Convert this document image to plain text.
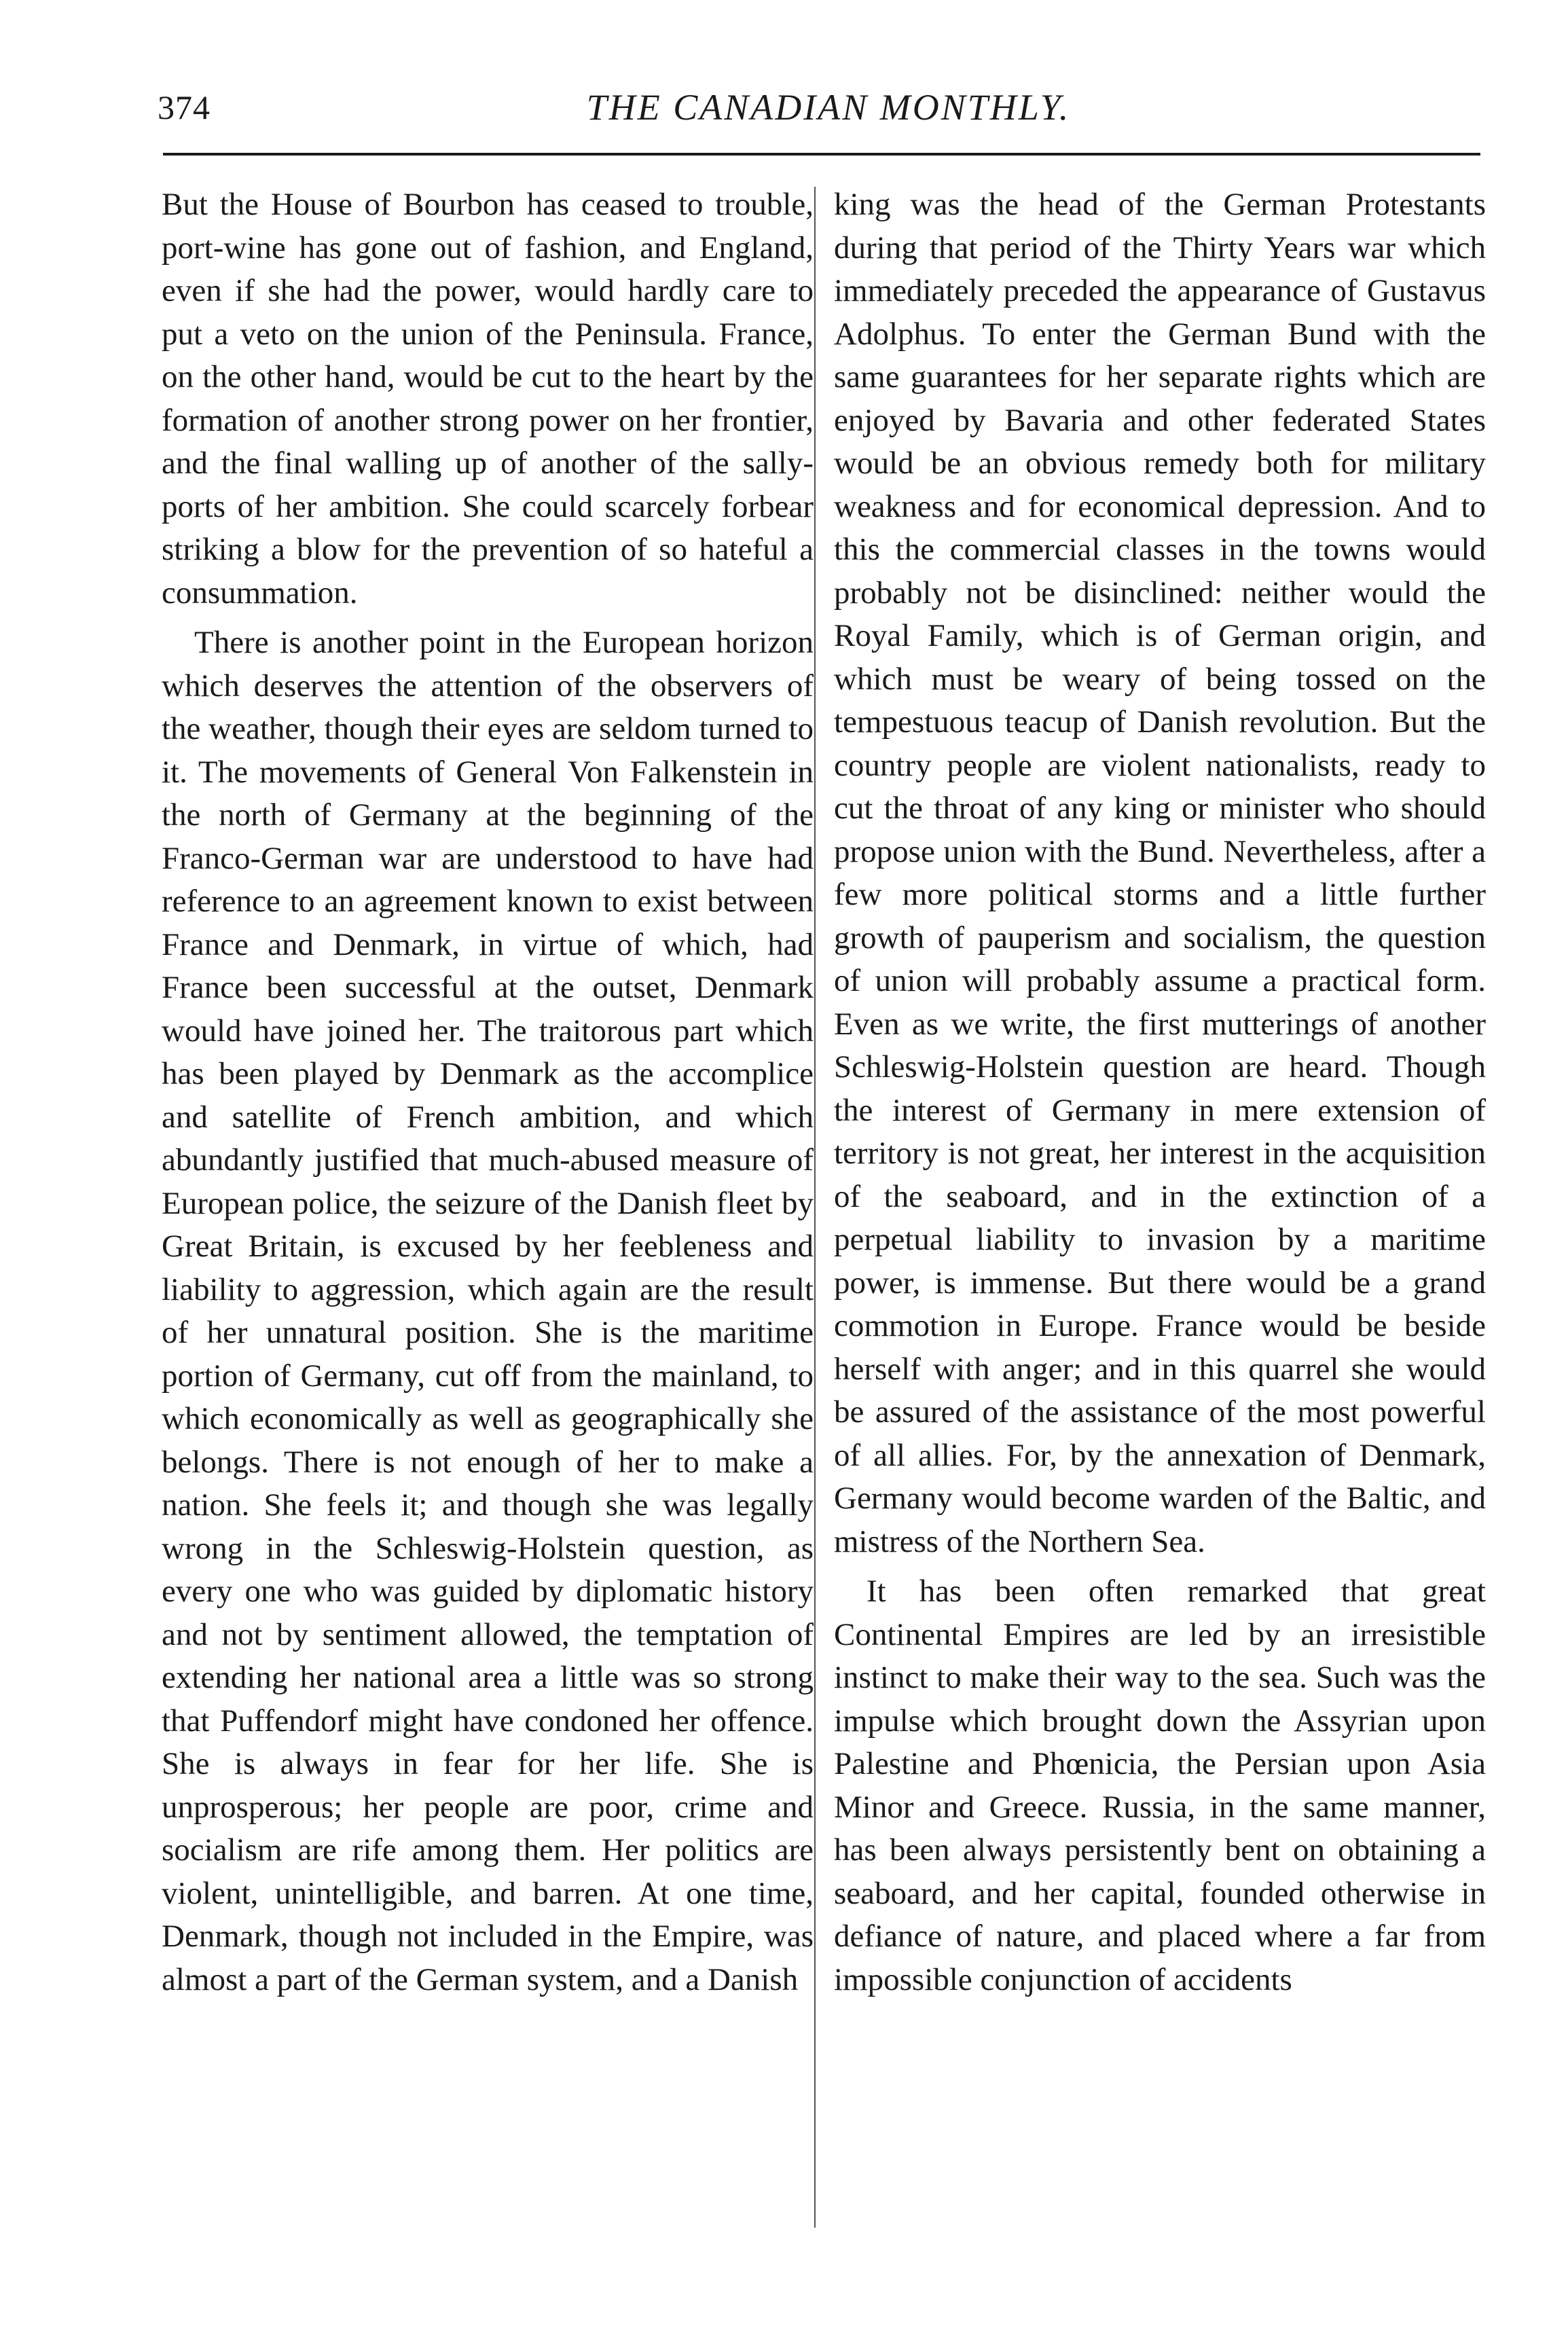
374	THE CANADIAN MONTHLY.

But the House of Bourbon has ceased to trouble, port-wine has gone out of fashion, and England, even if she had the power, would hardly care to put a veto on the union of the Peninsula. France, on the other hand, would be cut to the heart by the formation of another strong power on her frontier, and the final walling up of another of the sally-ports of her ambition. She could scarcely forbear striking a blow for the prevention of so hateful a consummation.

There is another point in the European horizon which deserves the attention of the observers of the weather, though their eyes are seldom turned to it. The movements of General Von Falkenstein in the north of Germany at the beginning of the Franco-German war are understood to have had reference to an agreement known to exist between France and Denmark, in virtue of which, had France been successful at the outset, Denmark would have joined her. The traitorous part which has been played by Denmark as the accomplice and satellite of French ambition, and which abundantly justified that much-abused measure of European police, the seizure of the Danish fleet by Great Britain, is excused by her feebleness and liability to aggression, which again are the result of her unnatural position. She is the maritime portion of Germany, cut off from the mainland, to which economically as well as geographically she belongs. There is not enough of her to make a nation. She feels it; and though she was legally wrong in the Schleswig-Holstein question, as every one who was guided by diplomatic history and not by sentiment allowed, the temptation of extending her national area a little was so strong that Puffendorf might have condoned her offence. She is always in fear for her life. She is unprosperous; her people are poor, crime and socialism are rife among them. Her politics are violent, unintelligible, and barren. At one time, Denmark, though not included in the Empire, was almost a part of the German system, and a Danish

king was the head of the German Protestants during that period of the Thirty Years war which immediately preceded the appearance of Gustavus Adolphus. To enter the German Bund with the same guarantees for her separate rights which are enjoyed by Bavaria and other federated States would be an obvious remedy both for military weakness and for economical depression. And to this the commercial classes in the towns would probably not be disinclined: neither would the Royal Family, which is of German origin, and which must be weary of being tossed on the tempestuous teacup of Danish revolution. But the country people are violent nationalists, ready to cut the throat of any king or minister who should propose union with the Bund. Nevertheless, after a few more political storms and a little further growth of pauperism and socialism, the question of union will probably assume a practical form. Even as we write, the first mutterings of another Schleswig-Holstein question are heard. Though the interest of Germany in mere extension of territory is not great, her interest in the acquisition of the seaboard, and in the extinction of a perpetual liability to invasion by a maritime power, is immense. But there would be a grand commotion in Europe. France would be beside herself with anger; and in this quarrel she would be assured of the assistance of the most powerful of all allies. For, by the annexation of Denmark, Germany would become warden of the Baltic, and mistress of the Northern Sea.

It has been often remarked that great Continental Empires are led by an irresistible instinct to make their way to the sea. Such was the impulse which brought down the Assyrian upon Palestine and Phœnicia, the Persian upon Asia Minor and Greece. Russia, in the same manner, has been always persistently bent on obtaining a seaboard, and her capital, founded otherwise in defiance of nature, and placed where a far from impossible conjunction of accidents
